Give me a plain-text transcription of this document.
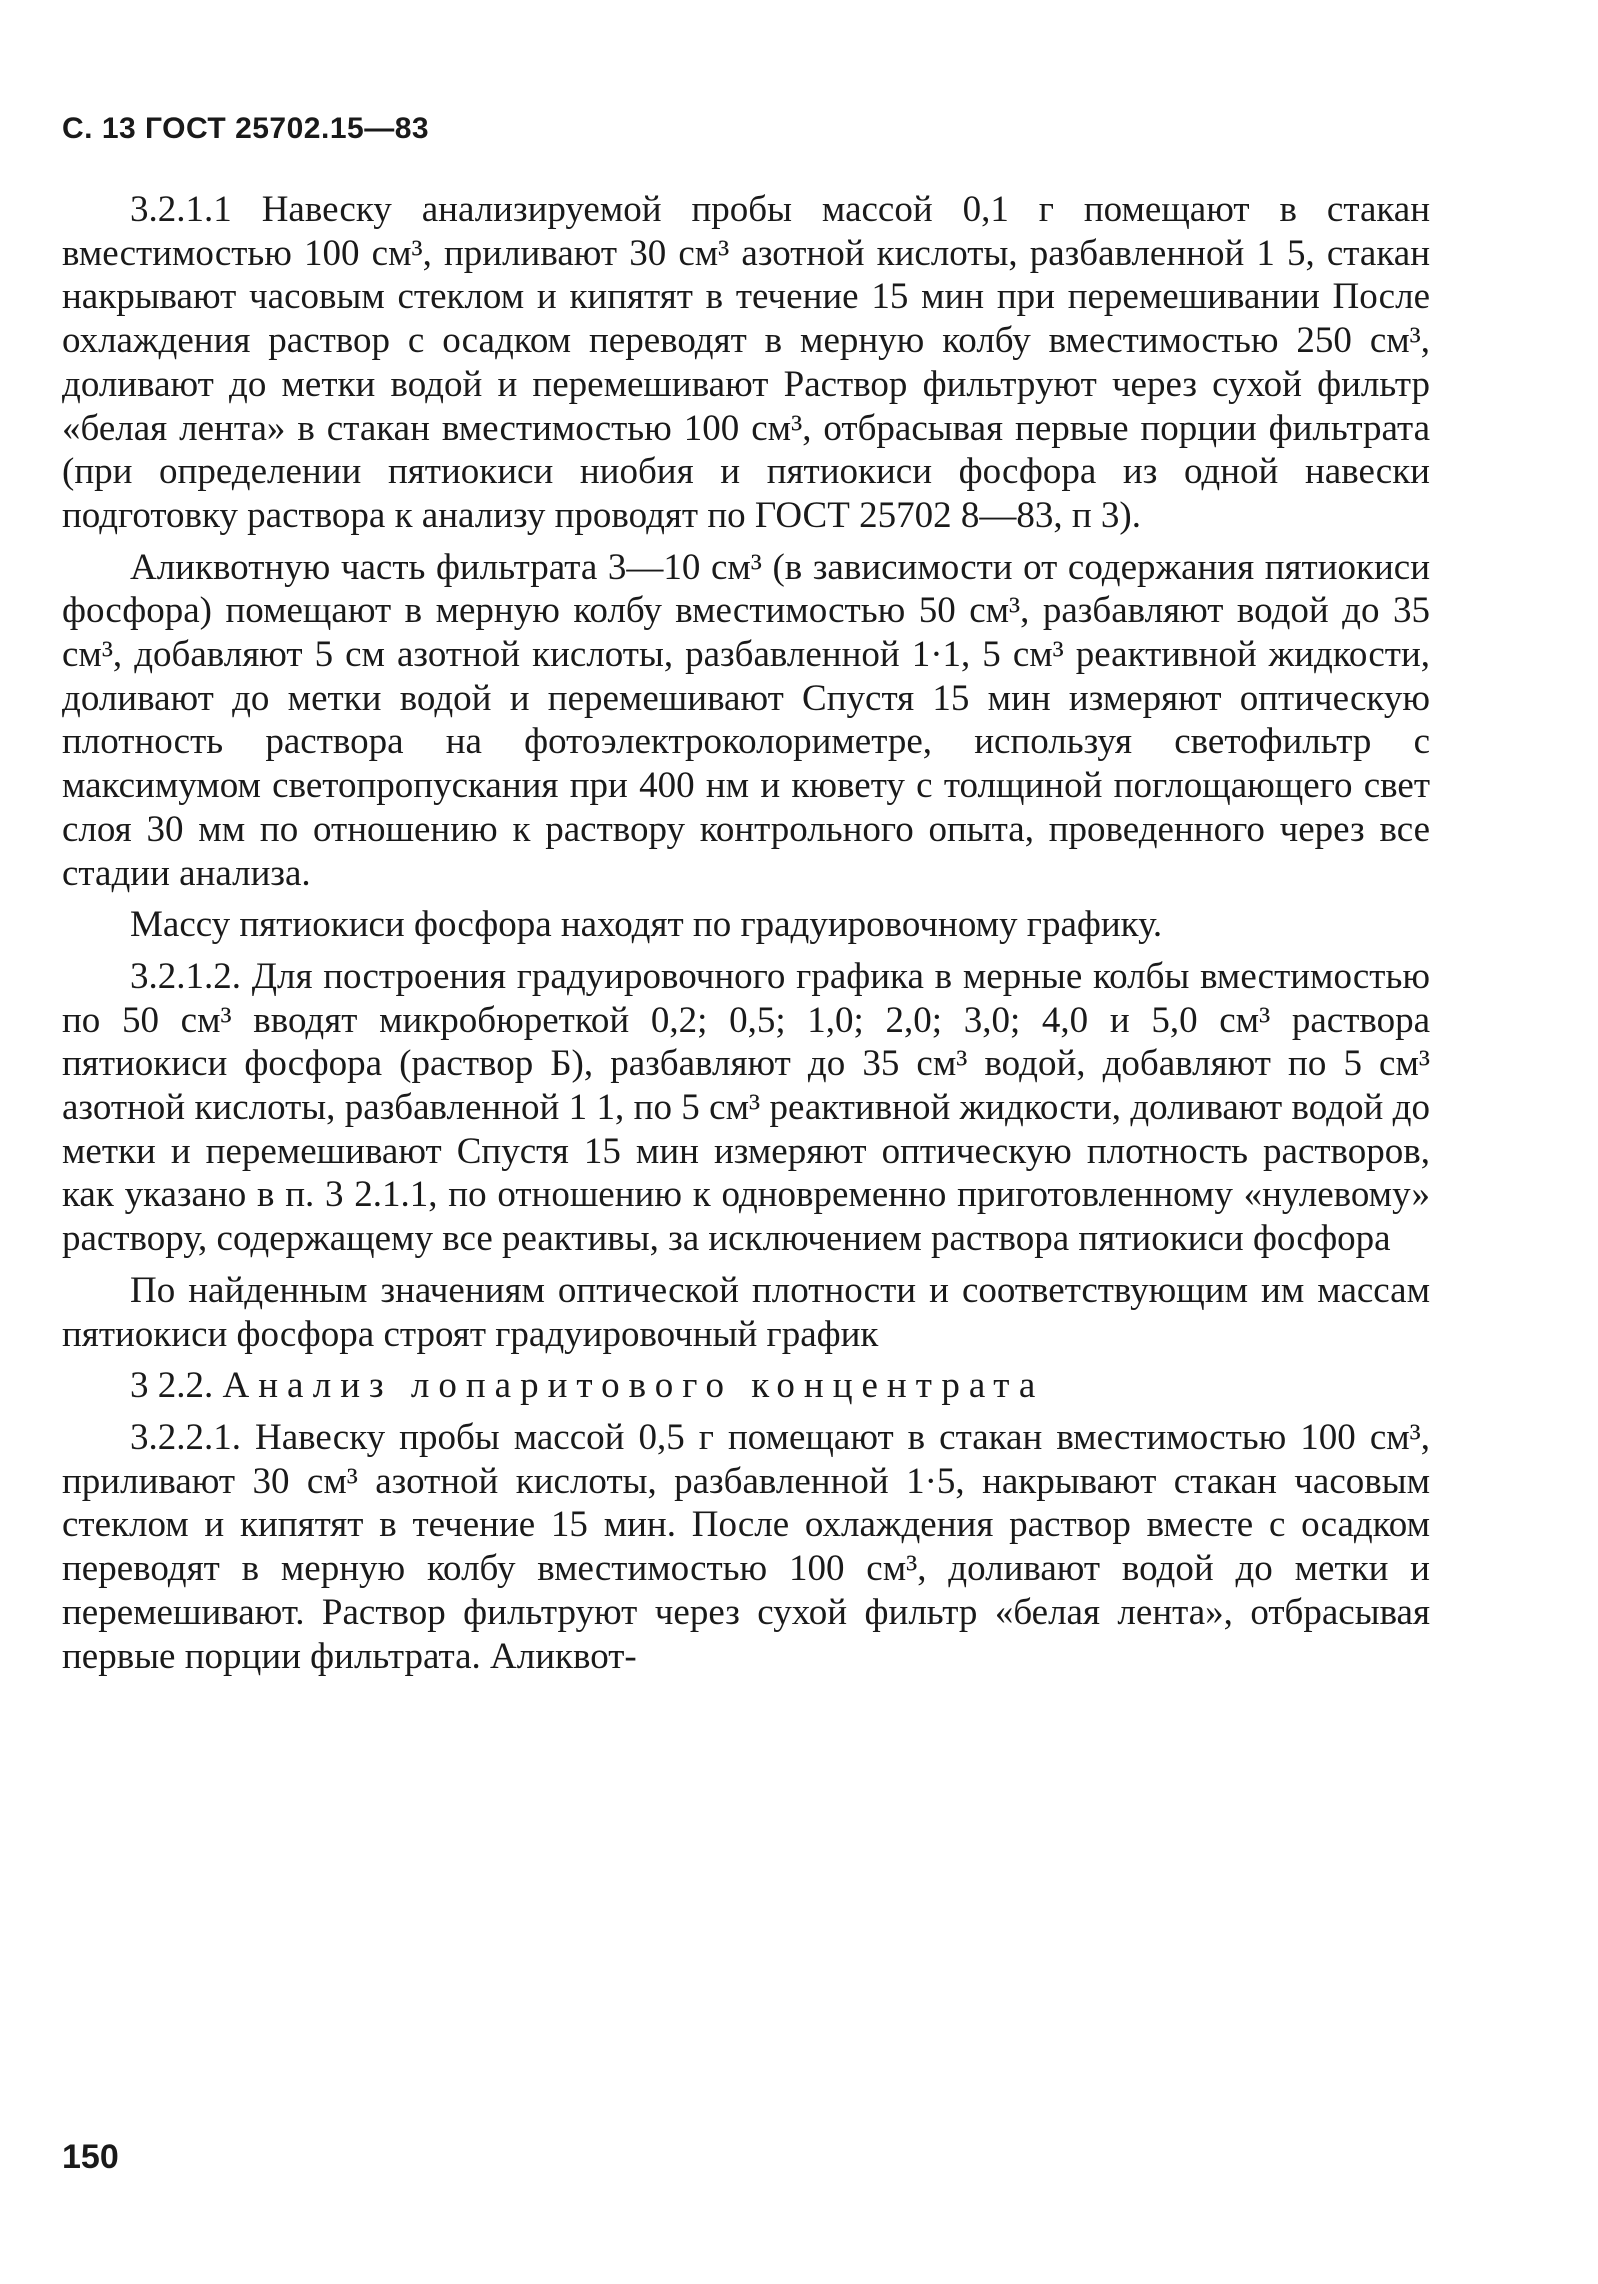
С. 13 ГОСТ 25702.15—83

3.2.1.1 Навеску анализируемой пробы массой 0,1 г помещают в стакан вместимостью 100 см³, приливают 30 см³ азотной кислоты, разбавленной 1 5, стакан накрывают часовым стеклом и кипятят в течение 15 мин при перемешивании После охлаждения раствор с осадком переводят в мерную колбу вместимостью 250 см³, доливают до метки водой и перемешивают Раствор фильтруют через сухой фильтр «белая лента» в стакан вместимостью 100 см³, отбрасывая первые порции фильтрата (при определении пятиокиси ниобия и пятиокиси фосфора из одной навески подготовку раствора к анализу проводят по ГОСТ 25702 8—83, п 3).

Аликвотную часть фильтрата 3—10 см³ (в зависимости от содержания пятиокиси фосфора) помещают в мерную колбу вместимостью 50 см³, разбавляют водой до 35 см³, добавляют 5 см азотной кислоты, разбавленной 1·1, 5 см³ реактивной жидкости, доливают до метки водой и перемешивают Спустя 15 мин измеряют оптическую плотность раствора на фотоэлектроколориметре, используя светофильтр с максимумом светопропускания при 400 нм и кювету с толщиной поглощающего свет слоя 30 мм по отношению к раствору контрольного опыта, проведенного через все стадии анализа.

Массу пятиокиси фосфора находят по градуировочному графику.

3.2.1.2. Для построения градуировочного графика в мерные колбы вместимостью по 50 см³ вводят микробюреткой 0,2; 0,5; 1,0; 2,0; 3,0; 4,0 и 5,0 см³ раствора пятиокиси фосфора (раствор Б), разбавляют до 35 см³ водой, добавляют по 5 см³ азотной кислоты, разбавленной 1 1, по 5 см³ реактивной жидкости, доливают водой до метки и перемешивают Спустя 15 мин измеряют оптическую плотность растворов, как указано в п. 3 2.1.1, по отношению к одновременно приготовленному «нулевому» раствору, содержащему все реактивы, за исключением раствора пятиокиси фосфора

По найденным значениям оптической плотности и соответствующим им массам пятиокиси фосфора строят градуировочный график

3 2.2. Анализ лопаритового концентрата

3.2.2.1. Навеску пробы массой 0,5 г помещают в стакан вместимостью 100 см³, приливают 30 см³ азотной кислоты, разбавленной 1·5, накрывают стакан часовым стеклом и кипятят в течение 15 мин. После охлаждения раствор вместе с осадком переводят в мерную колбу вместимостью 100 см³, доливают водой до метки и перемешивают. Раствор фильтруют через сухой фильтр «белая лента», отбрасывая первые порции фильтрата. Аликвот-

150
